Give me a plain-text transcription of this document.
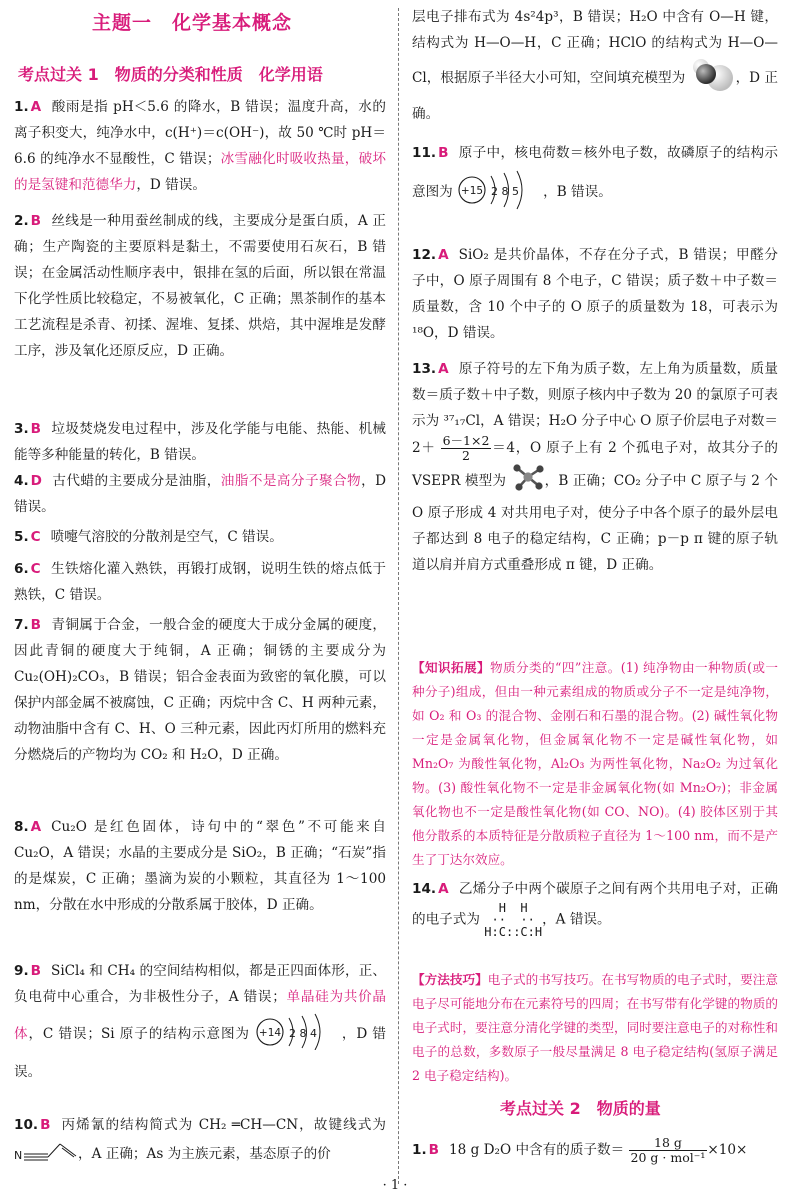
主题一　化学基本概念
考点过关 1　物质的分类和性质　化学用语
1. A 酸雨是指 pH＜5.6 的降水，B 错误；温度升高，水的离子积变大，纯净水中，c(H⁺)＝c(OH⁻)，故 50 ℃时 pH＝6.6 的纯净水不显酸性，C 错误；冰雪融化时吸收热量，破坏的是氢键和范德华力，D 错误。
2. B 丝线是一种用蚕丝制成的线，主要成分是蛋白质，A 正确；生产陶瓷的主要原料是黏土，不需要使用石灰石，B 错误；在金属活动性顺序表中，银排在氢的后面，所以银在常温下化学性质比较稳定，不易被氧化，C 正确；黑茶制作的基本工艺流程是杀青、初揉、渥堆、复揉、烘焙，其中渥堆是发酵工序，涉及氧化还原反应，D 正确。
3. B 垃圾焚烧发电过程中，涉及化学能与电能、热能、机械能等多种能量的转化，B 错误。
4. D 古代蜡的主要成分是油脂，油脂不是高分子聚合物，D 错误。
5. C 喷嚏气溶胶的分散剂是空气，C 错误。
6. C 生铁熔化灌入熟铁，再锻打成钢，说明生铁的熔点低于熟铁，C 错误。
7. B 青铜属于合金，一般合金的硬度大于成分金属的硬度，因此青铜的硬度大于纯铜，A 正确；铜锈的主要成分为 Cu₂(OH)₂CO₃，B 错误；铝合金表面为致密的氧化膜，可以保护内部金属不被腐蚀，C 正确；丙烷中含 C、H 两种元素，动物油脂中含有 C、H、O 三种元素，因此丙灯所用的燃料充分燃烧后的产物均为 CO₂ 和 H₂O，D 正确。
8. A Cu₂O 是红色固体，诗句中的“翠色”不可能来自 Cu₂O，A 错误；水晶的主要成分是 SiO₂，B 正确；“石炭”指的是煤炭，C 正确；墨滴为炭的小颗粒，其直径为 1～100 nm，分散在水中形成的分散系属于胶体，D 正确。
9. B SiCl₄ 和 CH₄ 的空间结构相似，都是正四面体形，正、负电荷中心重合，为非极性分子，A 错误；单晶硅为共价晶体，C 错误；Si 原子的结构示意图为 +14 2 8 4 ，D 错误。
10. B 丙烯氰的结构简式为 CH₂ ═CH—CN，故键线式为
N	，A 正确；As 为主族元素，基态原子的价
层电子排布式为 4s²4p³，B 错误；H₂O 中含有 O—H 键，结构式为 H—O—H，C 正确；HClO 的结构式为 H—O—Cl，根据原子半径大小可知，空间填充模型为	，D 正确。
11. B 原子中，核电荷数＝核外电子数，故磷原子的结构示意图为 +15 2 8 5 ，B 错误。
12. A SiO₂ 是共价晶体，不存在分子式，B 错误；甲醛分子中，O 原子周围有 8 个电子，C 错误；质子数＋中子数＝质量数，含 10 个中子的 O 原子的质量数为 18，可表示为 ¹⁸O，D 错误。
13. A 原子符号的左下角为质子数，左上角为质量数，质量数＝质子数＋中子数，则原子核内中子数为 20 的氯原子可表示为 ³⁷₁₇Cl，A 错误；H₂O 分子中心 O 原子价层电子对数$=2+ \frac{6-1\times 2}{2} =4$，O 原子上有 2 个孤电子对，故其分子的 VSEPR 模型为	，B 正确；CO₂ 分子中 C 原子与 2 个 O 原子形成 4 对共用电子对，使分子中各个原子的最外层电子都达到 8 电子的稳定结构，C 正确；p－p π 键的原子轨道以肩并肩方式重叠形成 π 键，D 正确。
【知识拓展】物质分类的“四”注意。(1) 纯净物由一种物质(或一种分子)组成，但由一种元素组成的物质或分子不一定是纯净物，如 O₂ 和 O₃ 的混合物、金刚石和石墨的混合物。(2) 碱性氧化物一定是金属氧化物，但金属氧化物不一定是碱性氧化物，如 Mn₂O₇ 为酸性氧化物，Al₂O₃ 为两性氧化物，Na₂O₂ 为过氧化物。(3) 酸性氧化物不一定是非金属氧化物(如 Mn₂O₇)；非金属氧化物也不一定是酸性氧化物(如 CO、NO)。(4) 胶体区别于其他分散系的本质特征是分散质粒子直径为 1～100 nm，而不是产生了丁达尔效应。
14. A 乙烯分子中两个碳原子之间有两个共用电子对，正确的电子式为
H  H
··  ··
H:C::C:H
，A 错误。
【方法技巧】电子式的书写技巧。在书写物质的电子式时，要注意电子尽可能地分布在元素符号的四周；在书写带有化学键的物质的电子式时，要注意分清化学键的类型，同时要注意电子的对称性和电子的总数，多数原子一般尽量满足 8 电子稳定结构(氢原子满足 2 电子稳定结构)。
考点过关 2　物质的量
1. B 18 g D₂O 中含有的质子数＝ $\frac{18 g}{\text{20 g · mol⁻¹}} \times 10\times$
· 1 ·
